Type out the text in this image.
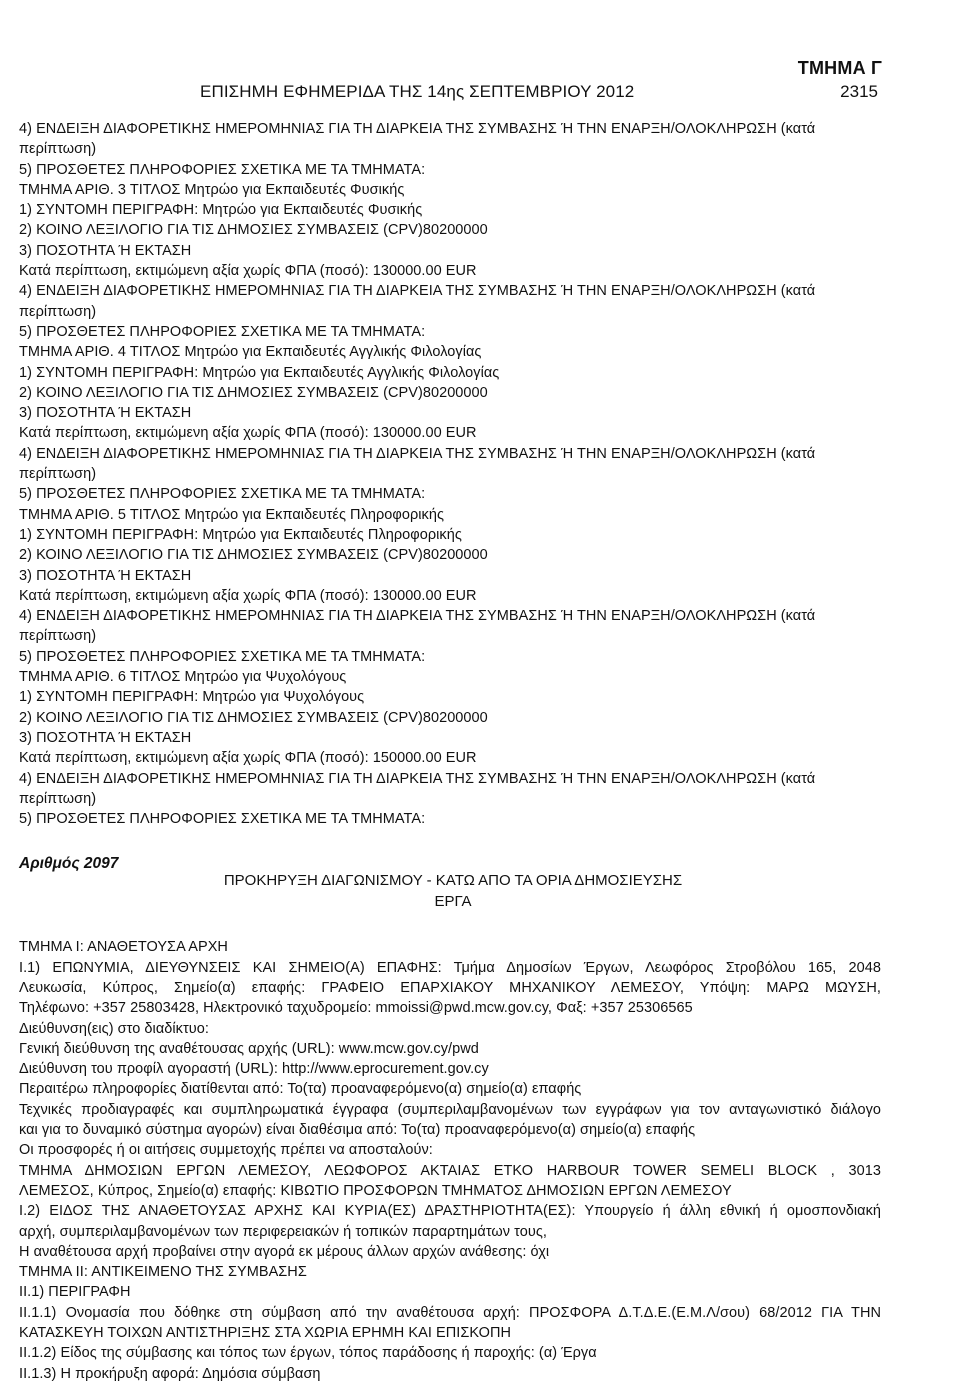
ΤΜΗΜΑ Γ
ΕΠΙΣΗΜΗ ΕΦΗΜΕΡΙΔΑ ΤΗΣ 14ης ΣΕΠΤΕΜΒΡΙΟΥ 2012	2315
4) ΕΝΔΕΙΞΗ ΔΙΑΦΟΡΕΤΙΚΗΣ ΗΜΕΡΟΜΗΝΙΑΣ ΓΙΑ ΤΗ ΔΙΑΡΚΕΙΑ ΤΗΣ ΣΥΜΒΑΣΗΣ Ή ΤΗΝ ΕΝΑΡΞΗ/ΟΛΟΚΛΗΡΩΣΗ (κατά
περίπτωση)
5) ΠΡΟΣΘΕΤΕΣ ΠΛΗΡΟΦΟΡΙΕΣ ΣΧΕΤΙΚΑ ΜΕ ΤΑ ΤΜΗΜΑΤΑ:
ΤΜΗΜΑ ΑΡΙΘ. 3 ΤΙΤΛΟΣ Μητρώο για Εκπαιδευτές Φυσικής
1) ΣΥΝΤΟΜΗ ΠΕΡΙΓΡΑΦΗ: Μητρώο για Εκπαιδευτές Φυσικής
2) ΚΟΙΝΟ ΛΕΞΙΛΟΓΙΟ ΓΙΑ ΤΙΣ ΔΗΜΟΣΙΕΣ ΣΥΜΒΑΣΕΙΣ (CPV)80200000
3) ΠΟΣΟΤΗΤΑ Ή ΕΚΤΑΣΗ
Κατά περίπτωση, εκτιμώμενη αξία χωρίς ΦΠΑ (ποσό): 130000.00 EUR
4) ΕΝΔΕΙΞΗ ΔΙΑΦΟΡΕΤΙΚΗΣ ΗΜΕΡΟΜΗΝΙΑΣ ΓΙΑ ΤΗ ΔΙΑΡΚΕΙΑ ΤΗΣ ΣΥΜΒΑΣΗΣ Ή ΤΗΝ ΕΝΑΡΞΗ/ΟΛΟΚΛΗΡΩΣΗ (κατά
περίπτωση)
5) ΠΡΟΣΘΕΤΕΣ ΠΛΗΡΟΦΟΡΙΕΣ ΣΧΕΤΙΚΑ ΜΕ ΤΑ ΤΜΗΜΑΤΑ:
ΤΜΗΜΑ ΑΡΙΘ. 4 ΤΙΤΛΟΣ Μητρώο για Εκπαιδευτές Αγγλικής Φιλολογίας
1) ΣΥΝΤΟΜΗ ΠΕΡΙΓΡΑΦΗ: Μητρώο για Εκπαιδευτές Αγγλικής Φιλολογίας
2) ΚΟΙΝΟ ΛΕΞΙΛΟΓΙΟ ΓΙΑ ΤΙΣ ΔΗΜΟΣΙΕΣ ΣΥΜΒΑΣΕΙΣ (CPV)80200000
3) ΠΟΣΟΤΗΤΑ Ή ΕΚΤΑΣΗ
Κατά περίπτωση, εκτιμώμενη αξία χωρίς ΦΠΑ (ποσό): 130000.00 EUR
4) ΕΝΔΕΙΞΗ ΔΙΑΦΟΡΕΤΙΚΗΣ ΗΜΕΡΟΜΗΝΙΑΣ ΓΙΑ ΤΗ ΔΙΑΡΚΕΙΑ ΤΗΣ ΣΥΜΒΑΣΗΣ Ή ΤΗΝ ΕΝΑΡΞΗ/ΟΛΟΚΛΗΡΩΣΗ (κατά
περίπτωση)
5) ΠΡΟΣΘΕΤΕΣ ΠΛΗΡΟΦΟΡΙΕΣ ΣΧΕΤΙΚΑ ΜΕ ΤΑ ΤΜΗΜΑΤΑ:
ΤΜΗΜΑ ΑΡΙΘ. 5 ΤΙΤΛΟΣ Μητρώο για Εκπαιδευτές Πληροφορικής
1) ΣΥΝΤΟΜΗ ΠΕΡΙΓΡΑΦΗ: Μητρώο για Εκπαιδευτές Πληροφορικής
2) ΚΟΙΝΟ ΛΕΞΙΛΟΓΙΟ ΓΙΑ ΤΙΣ ΔΗΜΟΣΙΕΣ ΣΥΜΒΑΣΕΙΣ (CPV)80200000
3) ΠΟΣΟΤΗΤΑ Ή ΕΚΤΑΣΗ
Κατά περίπτωση, εκτιμώμενη αξία χωρίς ΦΠΑ (ποσό): 130000.00 EUR
4) ΕΝΔΕΙΞΗ ΔΙΑΦΟΡΕΤΙΚΗΣ ΗΜΕΡΟΜΗΝΙΑΣ ΓΙΑ ΤΗ ΔΙΑΡΚΕΙΑ ΤΗΣ ΣΥΜΒΑΣΗΣ Ή ΤΗΝ ΕΝΑΡΞΗ/ΟΛΟΚΛΗΡΩΣΗ (κατά
περίπτωση)
5) ΠΡΟΣΘΕΤΕΣ ΠΛΗΡΟΦΟΡΙΕΣ ΣΧΕΤΙΚΑ ΜΕ ΤΑ ΤΜΗΜΑΤΑ:
ΤΜΗΜΑ ΑΡΙΘ. 6 ΤΙΤΛΟΣ Μητρώο για Ψυχολόγους
1) ΣΥΝΤΟΜΗ ΠΕΡΙΓΡΑΦΗ: Μητρώο για Ψυχολόγους
2) ΚΟΙΝΟ ΛΕΞΙΛΟΓΙΟ ΓΙΑ ΤΙΣ ΔΗΜΟΣΙΕΣ ΣΥΜΒΑΣΕΙΣ (CPV)80200000
3) ΠΟΣΟΤΗΤΑ Ή ΕΚΤΑΣΗ
Κατά περίπτωση, εκτιμώμενη αξία χωρίς ΦΠΑ (ποσό): 150000.00 EUR
4) ΕΝΔΕΙΞΗ ΔΙΑΦΟΡΕΤΙΚΗΣ ΗΜΕΡΟΜΗΝΙΑΣ ΓΙΑ ΤΗ ΔΙΑΡΚΕΙΑ ΤΗΣ ΣΥΜΒΑΣΗΣ Ή ΤΗΝ ΕΝΑΡΞΗ/ΟΛΟΚΛΗΡΩΣΗ (κατά
περίπτωση)
5) ΠΡΟΣΘΕΤΕΣ ΠΛΗΡΟΦΟΡΙΕΣ ΣΧΕΤΙΚΑ ΜΕ ΤΑ ΤΜΗΜΑΤΑ:
Αριθμός 2097
ΠΡΟΚΗΡΥΞΗ ΔΙΑΓΩΝΙΣΜΟΥ - ΚΑΤΩ ΑΠΟ ΤΑ ΟΡΙΑ ΔΗΜΟΣΙΕΥΣΗΣ
ΕΡΓΑ
ΤΜΗΜΑ Ι: ΑΝΑΘΕΤΟΥΣΑ ΑΡΧΗ
Ι.1) ΕΠΩΝΥΜΙΑ, ΔΙΕΥΘΥΝΣΕΙΣ ΚΑΙ ΣΗΜΕΙΟ(Α) ΕΠΑΦΗΣ: Τμήμα Δημοσίων Έργων, Λεωφόρος Στροβόλου 165, 2048
Λευκωσία, Κύπρος, Σημείο(α) επαφής: ΓΡΑΦΕΙΟ ΕΠΑΡΧΙΑΚΟΥ ΜΗΧΑΝΙΚΟΥ ΛΕΜΕΣΟΥ, Υπόψη: ΜΑΡΩ ΜΩΥΣΗ,
Τηλέφωνο: +357 25803428, Ηλεκτρονικό ταχυδρομείο: mmoissi@pwd.mcw.gov.cy, Φαξ: +357 25306565
Διεύθυνση(εις) στο διαδίκτυο:
Γενική διεύθυνση της αναθέτουσας αρχής (URL): www.mcw.gov.cy/pwd
Διεύθυνση του προφίλ αγοραστή (URL): http://www.eprocurement.gov.cy
Περαιτέρω πληροφορίες διατίθενται από: Το(τα) προαναφερόμενο(α) σημείο(α) επαφής
Τεχνικές προδιαγραφές και συμπληρωματικά έγγραφα (συμπεριλαμβανομένων των εγγράφων για τον ανταγωνιστικό διάλογο
και για το δυναμικό σύστημα αγορών) είναι διαθέσιμα από: Το(τα) προαναφερόμενο(α) σημείο(α) επαφής
Οι προσφορές ή οι αιτήσεις συμμετοχής πρέπει να αποσταλούν:
ΤΜΗΜΑ ΔΗΜΟΣΙΩΝ ΕΡΓΩΝ ΛΕΜΕΣΟΥ, ΛΕΩΦΟΡΟΣ ΑΚΤΑΙΑΣ ΕΤΚΟ HARBOUR TOWER SEMELI BLOCK , 3013
ΛΕΜΕΣΟΣ, Κύπρος, Σημείο(α) επαφής: ΚΙΒΩΤΙΟ ΠΡΟΣΦΟΡΩΝ ΤΜΗΜΑΤΟΣ ΔΗΜΟΣΙΩΝ ΕΡΓΩΝ ΛΕΜΕΣΟΥ
Ι.2) ΕΙΔΟΣ ΤΗΣ ΑΝΑΘΕΤΟΥΣΑΣ ΑΡΧΗΣ ΚΑΙ ΚΥΡΙΑ(ΕΣ) ΔΡΑΣΤΗΡΙΟΤΗΤΑ(ΕΣ): Υπουργείο ή άλλη εθνική ή ομοσπονδιακή
αρχή, συμπεριλαμβανομένων των περιφερειακών ή τοπικών παραρτημάτων τους,
Η αναθέτουσα αρχή προβαίνει στην αγορά εκ μέρους άλλων αρχών ανάθεσης: όχι
ΤΜΗΜΑ ΙΙ: ΑΝΤΙΚΕΙΜΕΝΟ ΤΗΣ ΣΥΜΒΑΣΗΣ
ΙΙ.1) ΠΕΡΙΓΡΑΦΗ
ΙΙ.1.1) Ονομασία που δόθηκε στη σύμβαση από την αναθέτουσα αρχή: ΠΡΟΣΦΟΡΑ Δ.Τ.Δ.Ε.(Ε.Μ.Λ/σου) 68/2012 ΓΙΑ ΤΗΝ
ΚΑΤΑΣΚΕΥΗ ΤΟΙΧΩΝ ΑΝΤΙΣΤΗΡΙΞΗΣ ΣΤΑ ΧΩΡΙΑ ΕΡΗΜΗ ΚΑΙ ΕΠΙΣΚΟΠΗ
ΙΙ.1.2) Είδος της σύμβασης και τόπος των έργων, τόπος παράδοσης ή παροχής: (α) Έργα
ΙΙ.1.3) Η προκήρυξη αφορά: Δημόσια σύμβαση
